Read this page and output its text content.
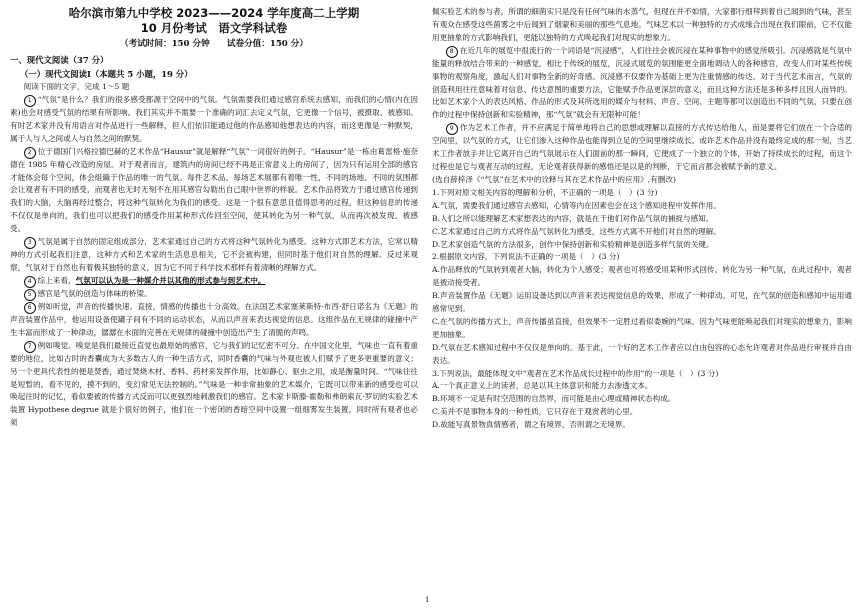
哈尔滨市第九中学校 2023——2024 学年度高二上学期
10 月份考试　语文学科试卷
（考试时间：150 分钟　　试卷分值：150 分）
一、现代文阅读（37 分）
（一）现代文阅读Ⅰ（本题共 5 小题，19 分）

阅读下面的文字，完成 1～5 题

1 “气氛”是什么？我们的很多感受都源于空间中的气氛。气氛需要我们通过感官系统去感知，而我们的心情(内在因素)也会对感受气氛的结果有所影响。我们其实并不需要一个准确的词汇去定义气氛，它更像一个信号，被摄取、被感知。有时艺术家并没有用语言对作品进行一些解释，但人们依旧能通过他的作品感知他想表达的内容，而这更像是一种默契，属于人与人之间或人与自然之间的默契。

2 位于德国门兴格拉德巴赫的艺术作品“Hausur”就是解释“气氛”一词很好的例子。“Hausur”是一栋由葛雷格·施奈德在 1985 年精心改造的房屋。对于观者而言，建筑内的房间已经不再是正常意义上的房间了，因为只有运用全部的感官才能体会每个空间，体会組織于作品的唯一的气氛。每件艺术品、每场艺术展都有着唯一性，不同的场地、不同的氛围都会让观者有不同的感受，而观者也无时无刻不在用其感官勾勒出自己眼中世界的样貌。艺术作品将致力于通过感官传递到我们的大脑，大脑再经过整合，将这种气氛转化为我们的感受。这是一个很有意思且值得思考的过程，但这种信息的传递不仅仅是单向的，我们也可以把我们的感受作用某种形式传回至空间，使其转化为另一种气氛，从而再次被发现、被感受。

3 气氛是属于自然的固定组成部分，艺术家通过自己的方式将这种气氛转化为感受。这种方式即艺术方法，它常以精神的方式引起我们注意，这种方式和艺术家的生活息息相关，它不会被构建，但同时基于他们对自然的理解。反过来观察，气氛对于自然也有着极其独特的意义，因为它不同于科学技术那样有着清晰的理解方式。

4 综上来看，气氛可以认为是一种媒介并以其他的形式参与到艺术中。

5 感官是气氛的创造与体味的桥梁。

6 例如听觉，声音的传播快速、直接，情感的传播也十分高效。在法国艺术家塞莱斯特·布西·舒日诺名为《无题》的声音装置作品中，他运用设备使罐子间有不同的运动状态，从而以声音来表达视觉的信息。这组作品在无规律的碰撞中产生丰富而形成了一种律动，潺潺在水面的完善在无规律的碰撞中创造出产生了清脆的声鸣。

7 例如嗅觉。嗅觉是我们最接近直觉也最原始的感官，它与我们的记忆密不可分。在中国文化里，气味也一直有着重要的地位，比如古时的香囊成为大多数古人的一种生活方式，同时香囊的气味与外观也被人们赋予了更多更重要的意义；另一个更具代表性的便是焚香，通过焚烧木材、香料、药材来发挥作用，比如静心、驱虫之用，或是衡量时间。“气味往往是短暂的，看不见的，摸不到的，变幻常见无法控制的。”气味是一种非常抽象的艺术媒介，它既可以带来新的感受也可以唤起往时的记忆，看似要被的传播方式反而可以更强烈地刺激我们的感官。艺术家卡斯滕·霍勒和弗朗索瓦·罗切的实验艺术装置 Hypothese degrue 就是个很好的例子，他们在一个密闭的香暗空间中设置一组细雾发生装置，同时所有观者也必须

佩实验艺术的参与者，所谓的細菌实只是没有任何气味的水蒸气，但现在并不如情，大家都行细拜到着自己闻到的气味，甚至有观众在感受这些菌雾之中后闻到了烟蒙和美丽的那些气息地。气味艺术以一种独特的方式成缘合出现在我们眼前，它不仅能用更抽象的方式影响我们，更能以独特的方式唤起我们对现实的想象力。

8 在近几年的展览中很流行的一个词语是“沉浸感”，人们往往会被沉浸在某种事物中的感觉所吸引。沉浸感就是气氛中能量的释放结合带来的一种感觉，相比于传统的展览，沉浸式展览的氛围能更全面地调动人的各种感官，改变人们对某些传统事物的观察角度，激起人们对事物全新的好奇感。沉浸感不仅要作为基础上更为注重情感的传达。对于当代艺术而言，气氛的创造利用往往意味着对信息、传达意图的重要方法，它能赋予作品更深层的意义，而且这种方法还是多种多样且因人而异的。比如艺术家个人的表达风格、作品的形式及其所选用的媒介与材料、声音、空间、主题等都可以创造出不同的气氛，只要在创作的过程中保持创新和实验精神，那“气氛”就会有无限种可能！

9 作为艺术工作者，并不应满足于简单地将自己的思想或理解以直接的方式传达给他人，而是要将它们放在一个合适的空间里，以气氛的方式，让它们渗入这种作品也能得到立足的空间里继续成长。或许艺术作品并没有最终定成的那一刻，当艺术工作者放手并让它离开自己的气氛展示在人们面前的那一瞬间，它便成了一个独立的个体，开始了持续成长的过程，而这个过程也是它与观者互动的过程，无论观者获得新的感悟还是以是的判断，于它而言都会被赋予新的意义。

(选自薛梓泽《“气氛”在艺术中的诠释与其在艺术作品中的应用》,有删改)

1.下列对原文相关内容的理解和分析，不正确的一项是（　）(3 分)

A.气氛，需要我们通过感官去感知，心情等内在因素也会在这个感知进程中发挥作用。

B.人们之所以能理解艺术家想表达的内容，就是在于他们对作品气氛的捕捉与感知。

C.艺术家通过自己的方式将作品气氛转化为感受，这些方式离不开他们对自然的理解。

D.艺术家创造气氛的方法很多，创作中保持创新和实验精神是创造多样气氛的关键。

2.根据原文内容，下列说法不正确的一项是（　）(3 分)

A.作品释放的气氛转到观者大脑，转化为个人感受；观者也可将感受用某种形式回传，转化为另一种气氛，在此过程中，观者是被动接受者。

B.声音装置作品《无题》运用设备达到以声音来表达视觉信息的效果，形成了一种律动。可见，在气氛的创造和感知中运用通感常见到。

C.在气氛的传播方式上，声音传播虽直接，但效果不一定胜过看似委婉的气味，因为气味更能唤起我们对现实的想象力，影响更加抽象。

D.气氛在艺术感知过程中不仅仅是单向的。基于此，一个好的艺术工作者应以自由包容的心态允许观者对作品进行审视并自由表达。

3.下列说法，最能体现文中“观者在艺术作品成长过程中的作用”的一项是（　）(3 分)

A.一个真正意义上的读者，总是以其主体意识和能力去渗透文本。

B.环境不一定是有时空范围的自然界，而可能是由心理或精神状态构成。

C.美并不是事物本身的一种性质，它只存在于观赏者的心里。

D.故能写真景物真情感者，谓之有境界，否则谓之无境界。

1
